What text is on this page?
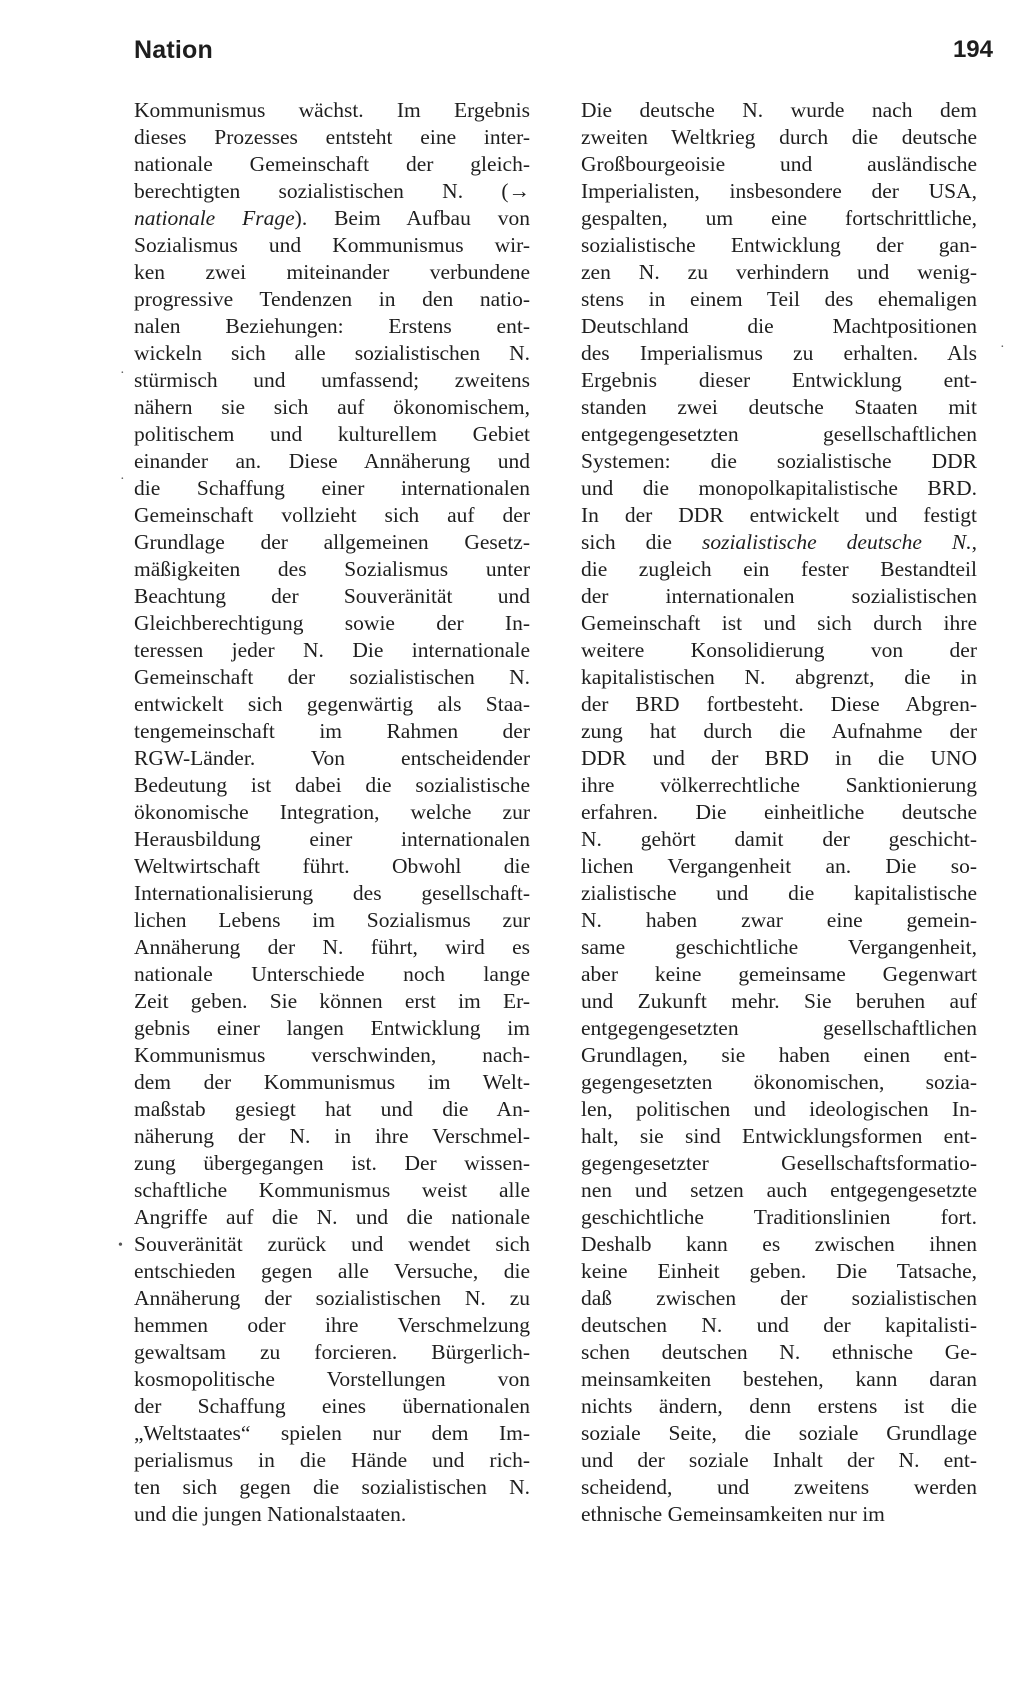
Nation	194
Kommunismus wächst. Im Ergebnis
dieses Prozesses entsteht eine inter-
nationale Gemeinschaft der gleich-
berechtigten sozialistischen N. (→
nationale Frage). Beim Aufbau von
Sozialismus und Kommunismus wir-
ken zwei miteinander verbundene
progressive Tendenzen in den natio-
nalen Beziehungen: Erstens ent-
wickeln sich alle sozialistischen N.
stürmisch und umfassend; zweitens
nähern sie sich auf ökonomischem,
politischem und kulturellem Gebiet
einander an. Diese Annäherung und
die Schaffung einer internationalen
Gemeinschaft vollzieht sich auf der
Grundlage der allgemeinen Gesetz-
mäßigkeiten des Sozialismus unter
Beachtung der Souveränität und
Gleichberechtigung sowie der In-
teressen jeder N. Die internationale
Gemeinschaft der sozialistischen N.
entwickelt sich gegenwärtig als Staa-
tengemeinschaft im Rahmen der
RGW-Länder. Von entscheidender
Bedeutung ist dabei die sozialistische
ökonomische Integration, welche zur
Herausbildung einer internationalen
Weltwirtschaft führt. Obwohl die
Internationalisierung des gesellschaft-
lichen Lebens im Sozialismus zur
Annäherung der N. führt, wird es
nationale Unterschiede noch lange
Zeit geben. Sie können erst im Er-
gebnis einer langen Entwicklung im
Kommunismus verschwinden, nach-
dem der Kommunismus im Welt-
maßstab gesiegt hat und die An-
näherung der N. in ihre Verschmel-
zung übergegangen ist. Der wissen-
schaftliche Kommunismus weist alle
Angriffe auf die N. und die nationale
Souveränität zurück und wendet sich
entschieden gegen alle Versuche, die
Annäherung der sozialistischen N. zu
hemmen oder ihre Verschmelzung
gewaltsam zu forcieren. Bürgerlich-
kosmopolitische Vorstellungen von
der Schaffung eines übernationalen
„Weltstaates“ spielen nur dem Im-
perialismus in die Hände und rich-
ten sich gegen die sozialistischen N.
und die jungen Nationalstaaten.
Die deutsche N. wurde nach dem
zweiten Weltkrieg durch die deutsche
Großbourgeoisie und ausländische
Imperialisten, insbesondere der USA,
gespalten, um eine fortschrittliche,
sozialistische Entwicklung der gan-
zen N. zu verhindern und wenig-
stens in einem Teil des ehemaligen
Deutschland die Machtpositionen
des Imperialismus zu erhalten. Als
Ergebnis dieser Entwicklung ent-
standen zwei deutsche Staaten mit
entgegengesetzten gesellschaftlichen
Systemen: die sozialistische DDR
und die monopolkapitalistische BRD.
In der DDR entwickelt und festigt
sich die sozialistische deutsche N.,
die zugleich ein fester Bestandteil
der internationalen sozialistischen
Gemeinschaft ist und sich durch ihre
weitere Konsolidierung von der
kapitalistischen N. abgrenzt, die in
der BRD fortbesteht. Diese Abgren-
zung hat durch die Aufnahme der
DDR und der BRD in die UNO
ihre völkerrechtliche Sanktionierung
erfahren. Die einheitliche deutsche
N. gehört damit der geschicht-
lichen Vergangenheit an. Die so-
zialistische und die kapitalistische
N. haben zwar eine gemein-
same geschichtliche Vergangenheit,
aber keine gemeinsame Gegenwart
und Zukunft mehr. Sie beruhen auf
entgegengesetzten gesellschaftlichen
Grundlagen, sie haben einen ent-
gegengesetzten ökonomischen, sozia-
len, politischen und ideologischen In-
halt, sie sind Entwicklungsformen ent-
gegengesetzter Gesellschaftsformatio-
nen und setzen auch entgegengesetzte
geschichtliche Traditionslinien fort.
Deshalb kann es zwischen ihnen
keine Einheit geben. Die Tatsache,
daß zwischen der sozialistischen
deutschen N. und der kapitalisti-
schen deutschen N. ethnische Ge-
meinsamkeiten bestehen, kann daran
nichts ändern, denn erstens ist die
soziale Seite, die soziale Grundlage
und der soziale Inhalt der N. ent-
scheidend, und zweitens werden
ethnische Gemeinsamkeiten nur im
·
·
•
·
